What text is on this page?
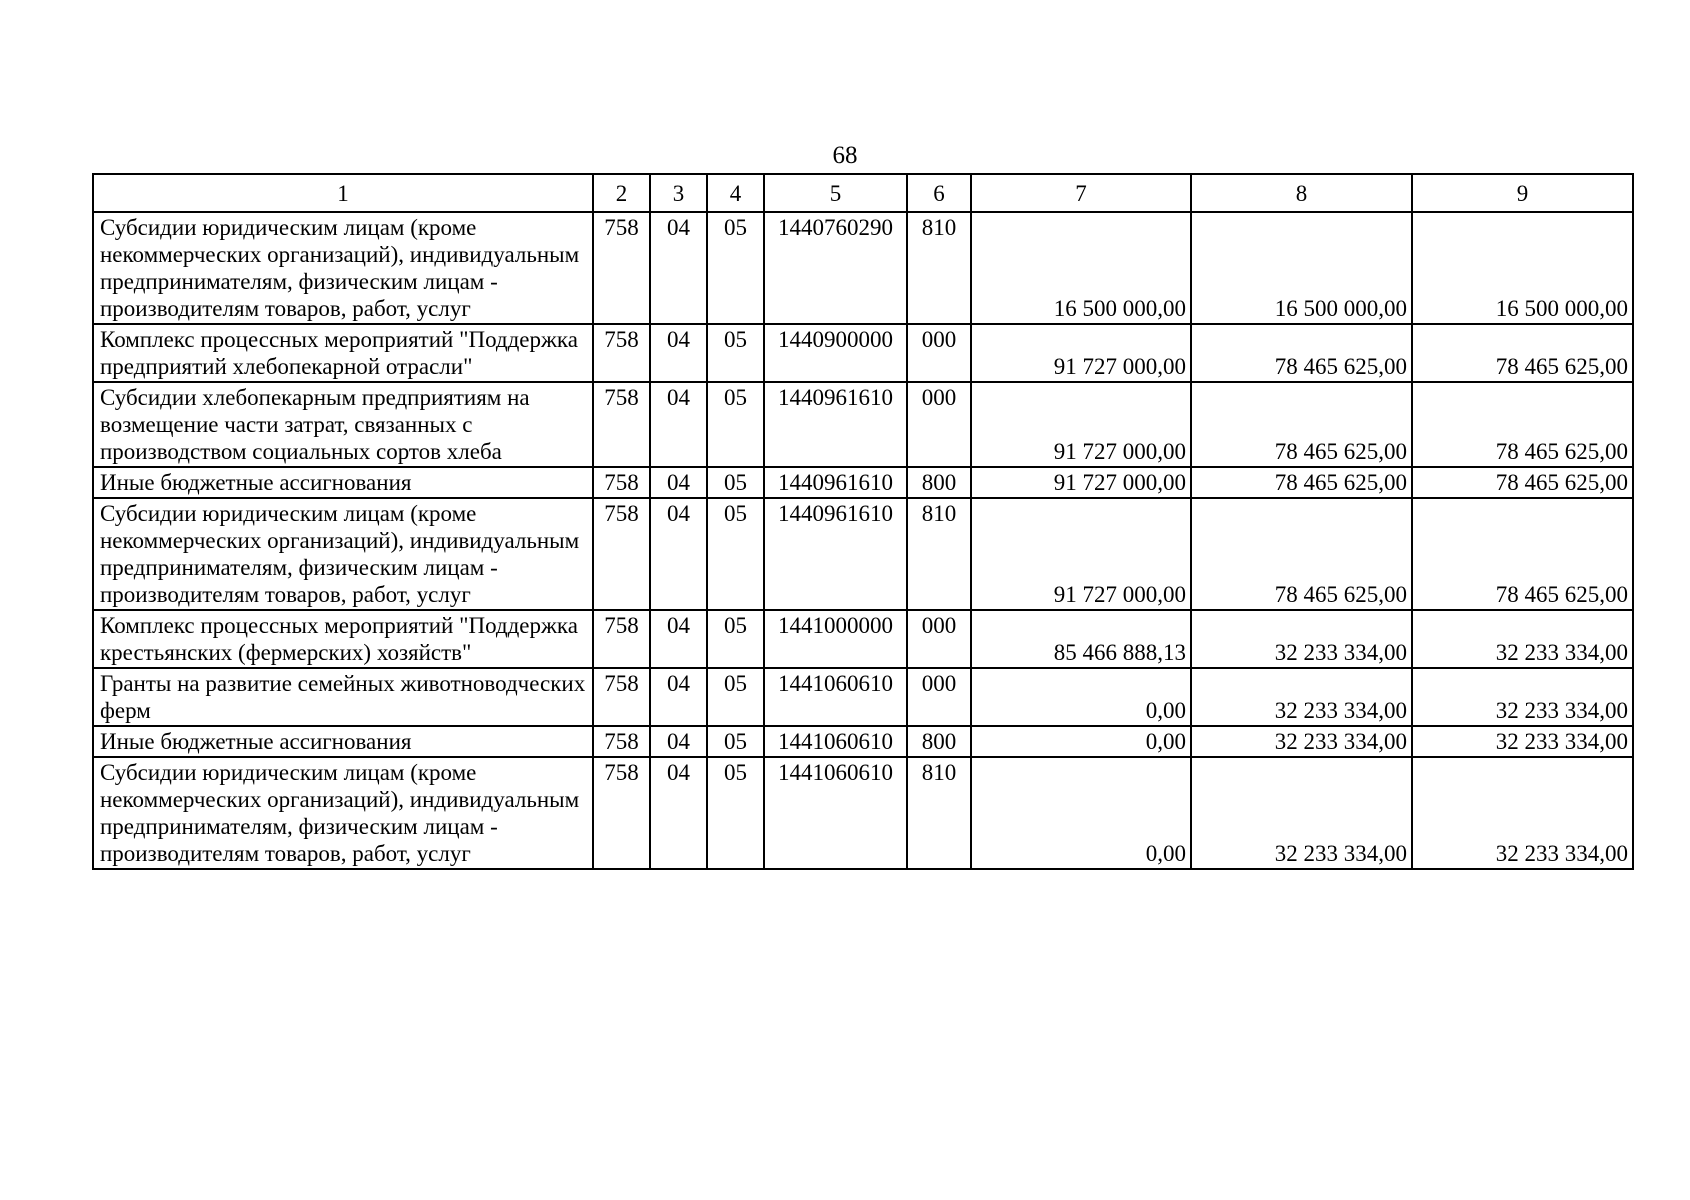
68
1	2	3	4	5	6	7	8	9
Субсидии юридическим лицам (кроме некоммерческих организаций), индивидуальным предпринимателям, физическим лицам - производителям товаров, работ, услуг	758	04	05	1440760290	810	16 500 000,00	16 500 000,00	16 500 000,00
Комплекс процессных мероприятий "Поддержка предприятий хлебопекарной отрасли"	758	04	05	1440900000	000	91 727 000,00	78 465 625,00	78 465 625,00
Субсидии хлебопекарным предприятиям на возмещение части затрат, связанных с производством социальных сортов хлеба	758	04	05	1440961610	000	91 727 000,00	78 465 625,00	78 465 625,00
Иные бюджетные ассигнования	758	04	05	1440961610	800	91 727 000,00	78 465 625,00	78 465 625,00
Субсидии юридическим лицам (кроме некоммерческих организаций), индивидуальным предпринимателям, физическим лицам - производителям товаров, работ, услуг	758	04	05	1440961610	810	91 727 000,00	78 465 625,00	78 465 625,00
Комплекс процессных мероприятий "Поддержка крестьянских (фермерских) хозяйств"	758	04	05	1441000000	000	85 466 888,13	32 233 334,00	32 233 334,00
Гранты на развитие семейных животноводческих ферм	758	04	05	1441060610	000	0,00	32 233 334,00	32 233 334,00
Иные бюджетные ассигнования	758	04	05	1441060610	800	0,00	32 233 334,00	32 233 334,00
Субсидии юридическим лицам (кроме некоммерческих организаций), индивидуальным предпринимателям, физическим лицам - производителям товаров, работ, услуг	758	04	05	1441060610	810	0,00	32 233 334,00	32 233 334,00
